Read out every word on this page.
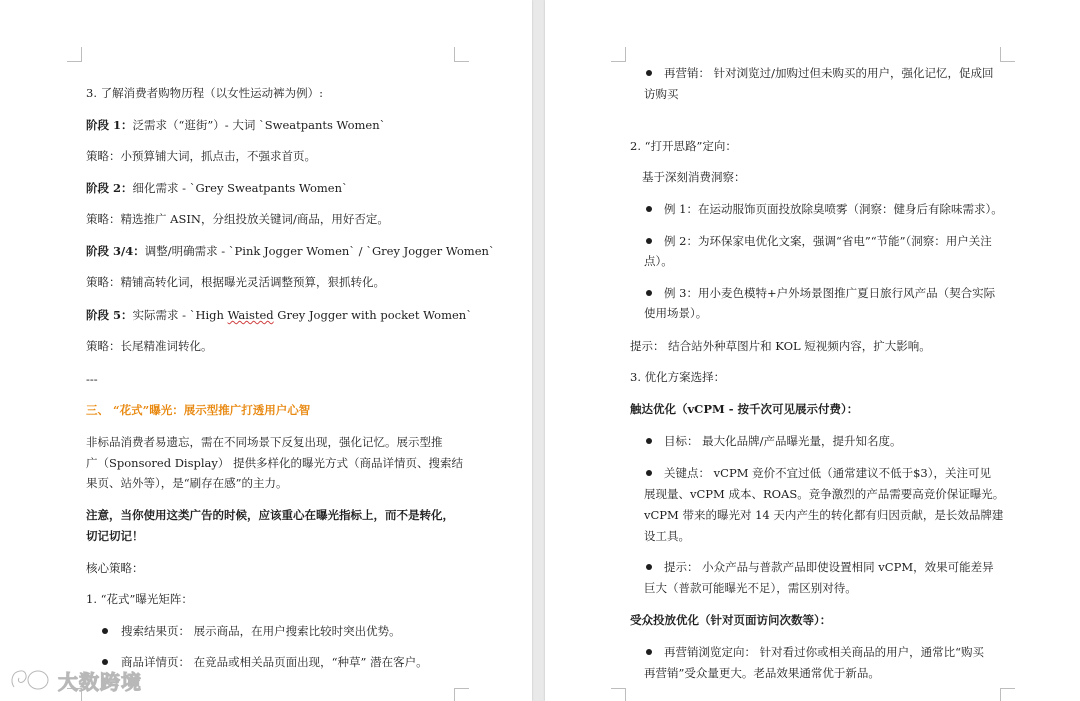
3. 了解消费者购物历程（以女性运动裤为例）:
阶段 1：泛需求（“逛街”）- 大词 `Sweatpants Women`
策略：小预算铺大词，抓点击，不强求首页。
阶段 2：细化需求 - `Grey Sweatpants Women`
策略：精选推广 ASIN，分组投放关键词/商品，用好否定。
阶段 3/4：调整/明确需求 - `Pink Jogger Women` / `Grey Jogger Women`
策略：精铺高转化词，根据曝光灵活调整预算，狠抓转化。
阶段 5：实际需求 - `High Waisted Grey Jogger with pocket Women`
策略：长尾精准词转化。
---
三、 “花式”曝光：展示型推广打透用户心智
非标品消费者易遗忘，需在不同场景下反复出现，强化记忆。展示型推
广（Sponsored Display） 提供多样化的曝光方式（商品详情页、搜索结
果页、站外等），是“刷存在感”的主力。
注意，当你使用这类广告的时候，应该重心在曝光指标上，而不是转化，
切记切记！
核心策略：
1. “花式”曝光矩阵：
搜索结果页： 展示商品，在用户搜索比较时突出优势。
商品详情页： 在竞品或相关品页面出现，“种草” 潜在客户。
再营销： 针对浏览过/加购过但未购买的用户，强化记忆，促成回
访购买
2. “打开思路”定向：
基于深刻消费洞察：
例 1：在运动服饰页面投放除臭喷雾（洞察：健身后有除味需求）。
例 2：为环保家电优化文案，强调“省电”“节能”（洞察：用户关注
点）。
例 3：用小麦色模特+户外场景图推广夏日旅行风产品（契合实际
使用场景）。
提示： 结合站外种草图片和 KOL 短视频内容，扩大影响。
3. 优化方案选择：
触达优化（vCPM - 按千次可见展示付费）：
目标： 最大化品牌/产品曝光量，提升知名度。
关键点： vCPM 竞价不宜过低（通常建议不低于$3），关注可见
展现量、vCPM 成本、ROAS。竞争激烈的产品需要高竞价保证曝光。
vCPM 带来的曝光对 14 天内产生的转化都有归因贡献，是长效品牌建
设工具。
提示： 小众产品与普款产品即使设置相同 vCPM，效果可能差异
巨大（普款可能曝光不足），需区别对待。
受众投放优化（针对页面访问次数等）：
再营销浏览定向： 针对看过你或相关商品的用户，通常比“购买
再营销”受众量更大。老品效果通常优于新品。
大数跨境
